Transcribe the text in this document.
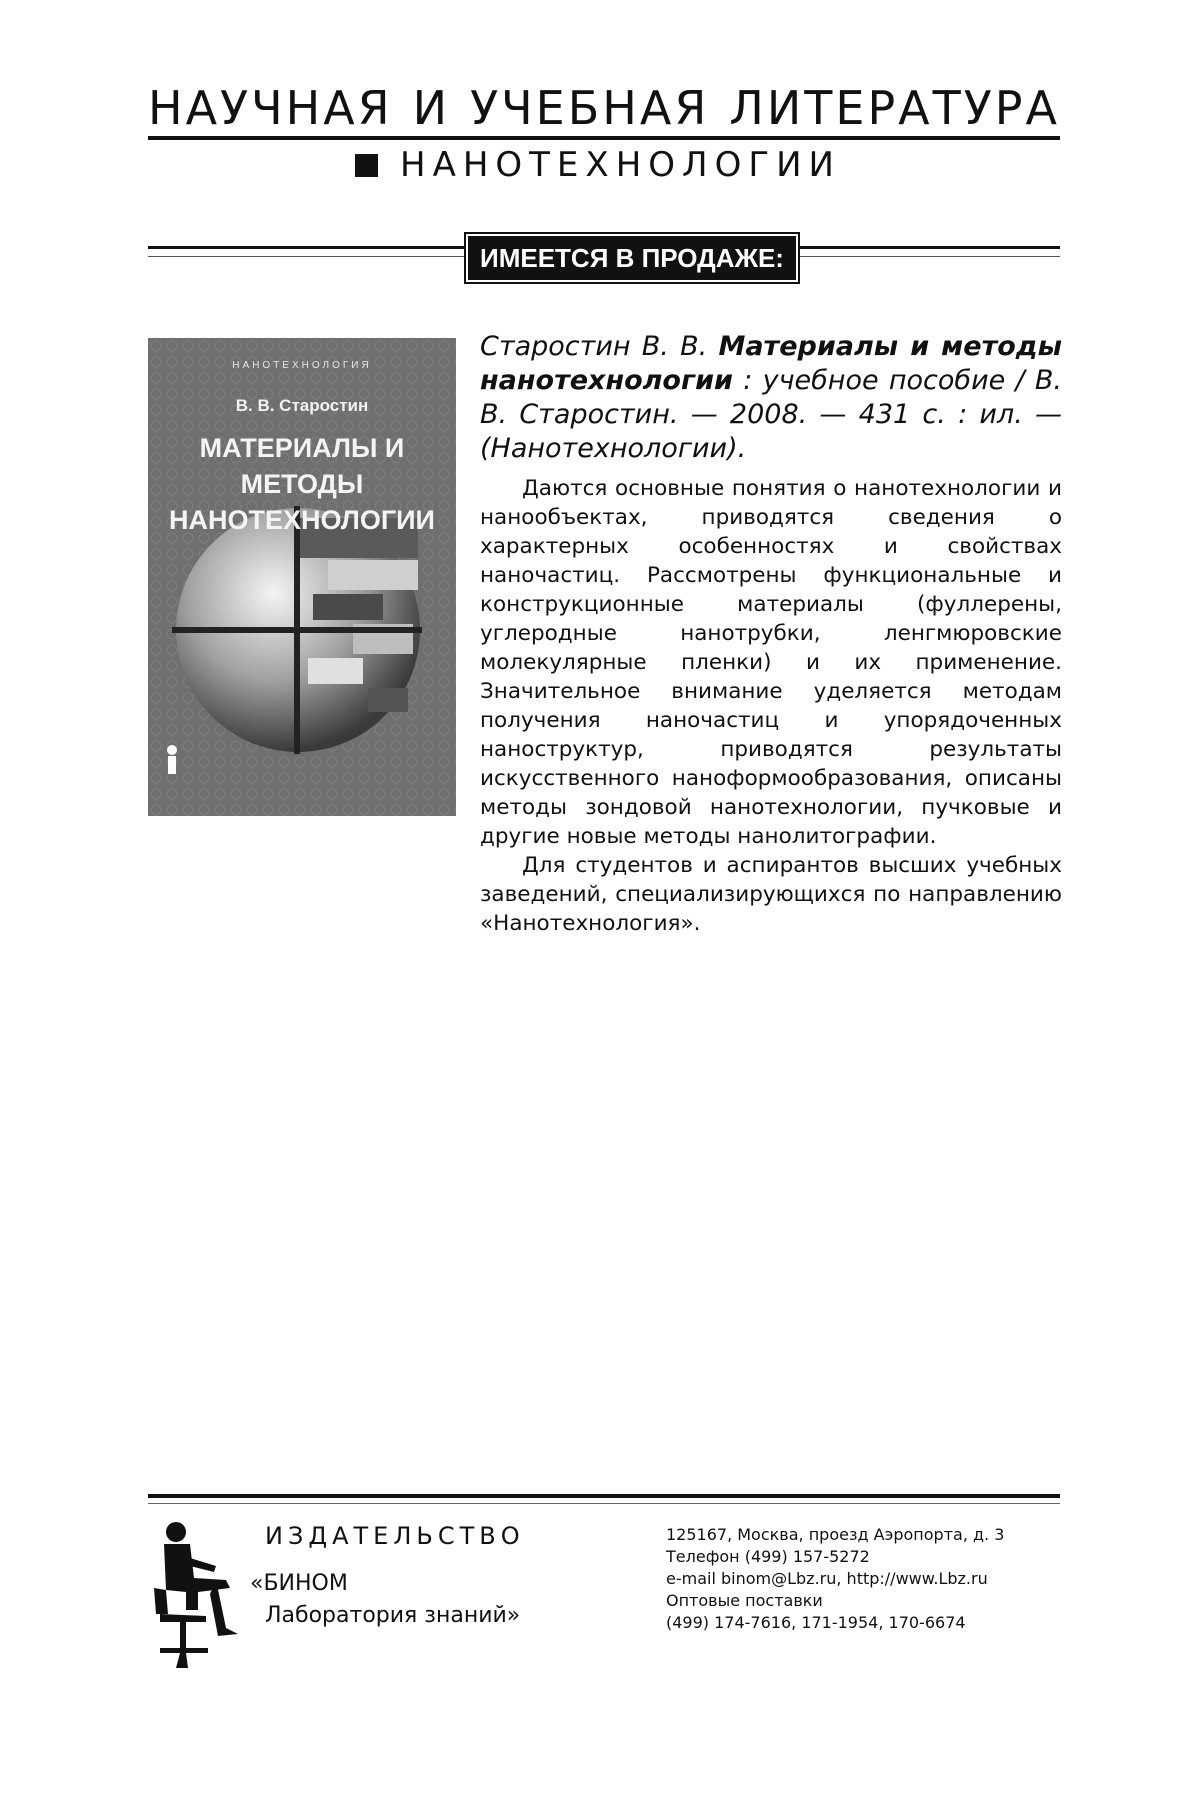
НАУЧНАЯ И УЧЕБНАЯ ЛИТЕРАТУРА
НАНОТЕХНОЛОГИИ
ИМЕЕТСЯ В ПРОДАЖЕ:
НАНОТЕХНОЛОГИЯ
В. В. Старостин
МАТЕРИАЛЫ И МЕТОДЫ
НАНОТЕХНОЛОГИИ
Старостин В. В. Материалы и методы нанотехнологии : учебное пособие / В. В. Старостин. — 2008. — 431 с. : ил. — (Нанотехнологии).

Даются основные понятия о нанотехнологии и нанообъектах, приводятся сведения о характерных особенностях и свойствах наночастиц. Рассмотрены функциональные и конструкционные материалы (фуллерены, углеродные нанотрубки, ленгмюровские молекулярные пленки) и их применение. Значительное внимание уделяется методам получения наночастиц и упорядоченных наноструктур, приводятся результаты искусственного наноформообразования, описаны методы зондовой нанотехнологии, пучковые и другие новые методы нанолитографии.

Для студентов и аспирантов высших учебных заведений, специализирующихся по направлению «Нанотехнология».

ИЗДАТЕЛЬСТВО
«БИНОМ
Лаборатория знаний»
125167, Москва, проезд Аэропорта, д. 3
Телефон (499) 157-5272
e-mail binom@Lbz.ru, http://www.Lbz.ru
Оптовые поставки
(499) 174-7616, 171-1954, 170-6674
